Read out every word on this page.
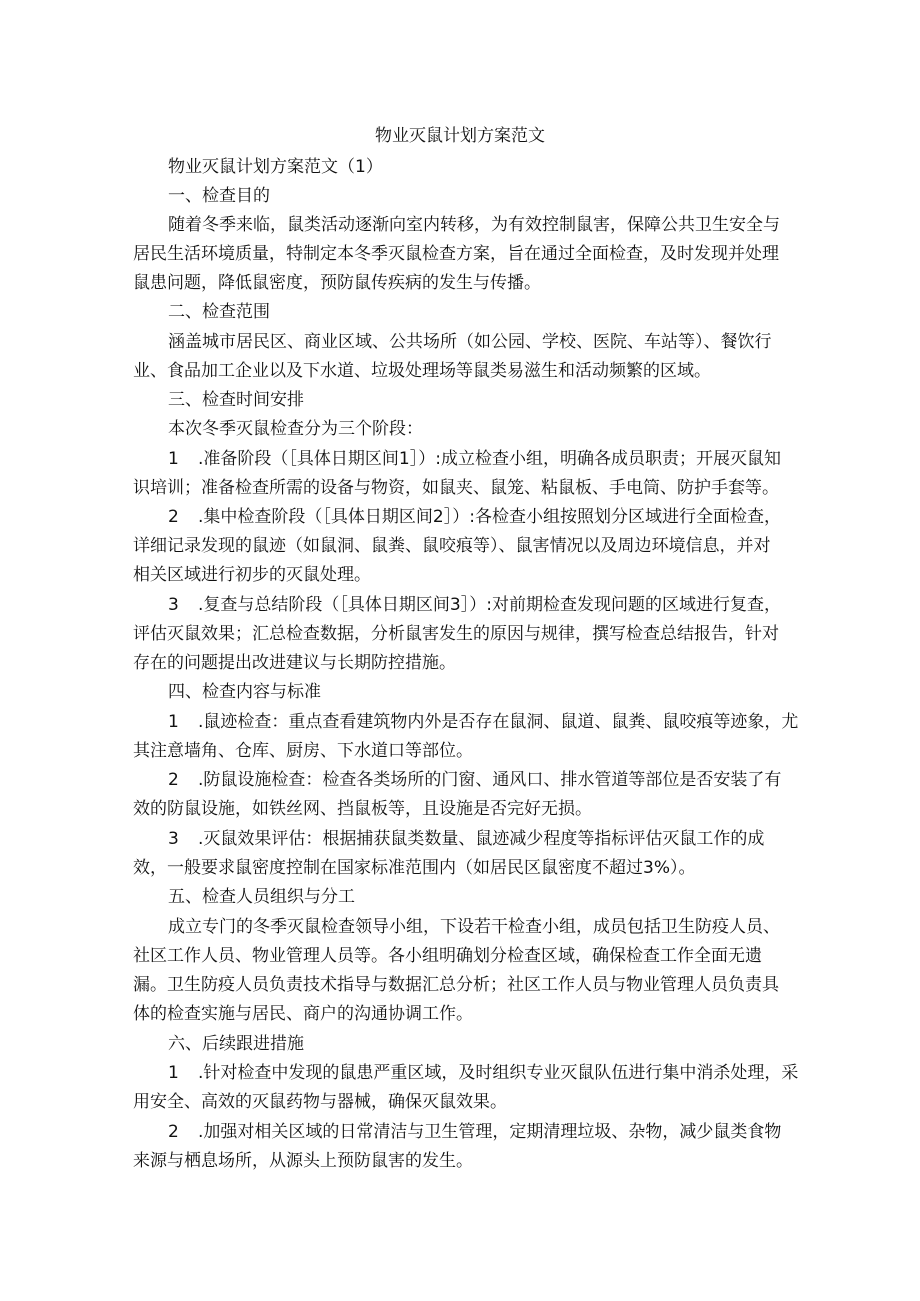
物业灭鼠计划方案范文

物业灭鼠计划方案范文（1）

一、检查目的

随着冬季来临，鼠类活动逐渐向室内转移，为有效控制鼠害，保障公共卫生安全与

居民生活环境质量，特制定本冬季灭鼠检查方案，旨在通过全面检查，及时发现并处理

鼠患问题，降低鼠密度，预防鼠传疾病的发生与传播。

二、检查范围

涵盖城市居民区、商业区域、公共场所（如公园、学校、医院、车站等）、餐饮行

业、食品加工企业以及下水道、垃圾处理场等鼠类易滋生和活动频繁的区域。

三、检查时间安排

本次冬季灭鼠检查分为三个阶段：

1 .准备阶段（［具体日期区间1］）:成立检查小组，明确各成员职责；开展灭鼠知

识培训；准备检查所需的设备与物资，如鼠夹、鼠笼、粘鼠板、手电筒、防护手套等。

2 .集中检查阶段（［具体日期区间2］）:各检查小组按照划分区域进行全面检查，

详细记录发现的鼠迹（如鼠洞、鼠粪、鼠咬痕等）、鼠害情况以及周边环境信息，并对

相关区域进行初步的灭鼠处理。

3 .复查与总结阶段（［具体日期区间3］）:对前期检查发现问题的区域进行复查，

评估灭鼠效果；汇总检查数据，分析鼠害发生的原因与规律，撰写检查总结报告，针对

存在的问题提出改进建议与长期防控措施。

四、检查内容与标准

1 .鼠迹检查：重点查看建筑物内外是否存在鼠洞、鼠道、鼠粪、鼠咬痕等迹象，尤

其注意墙角、仓库、厨房、下水道口等部位。

2 .防鼠设施检查：检查各类场所的门窗、通风口、排水管道等部位是否安装了有

效的防鼠设施，如铁丝网、挡鼠板等，且设施是否完好无损。

3 .灭鼠效果评估：根据捕获鼠类数量、鼠迹减少程度等指标评估灭鼠工作的成

效，一般要求鼠密度控制在国家标准范围内（如居民区鼠密度不超过3%）。

五、检查人员组织与分工

成立专门的冬季灭鼠检查领导小组，下设若干检查小组，成员包括卫生防疫人员、

社区工作人员、物业管理人员等。各小组明确划分检查区域，确保检查工作全面无遗

漏。卫生防疫人员负责技术指导与数据汇总分析；社区工作人员与物业管理人员负责具

体的检查实施与居民、商户的沟通协调工作。

六、后续跟进措施

1 .针对检查中发现的鼠患严重区域，及时组织专业灭鼠队伍进行集中消杀处理，采

用安全、高效的灭鼠药物与器械，确保灭鼠效果。

2 .加强对相关区域的日常清洁与卫生管理，定期清理垃圾、杂物，减少鼠类食物

来源与栖息场所，从源头上预防鼠害的发生。
